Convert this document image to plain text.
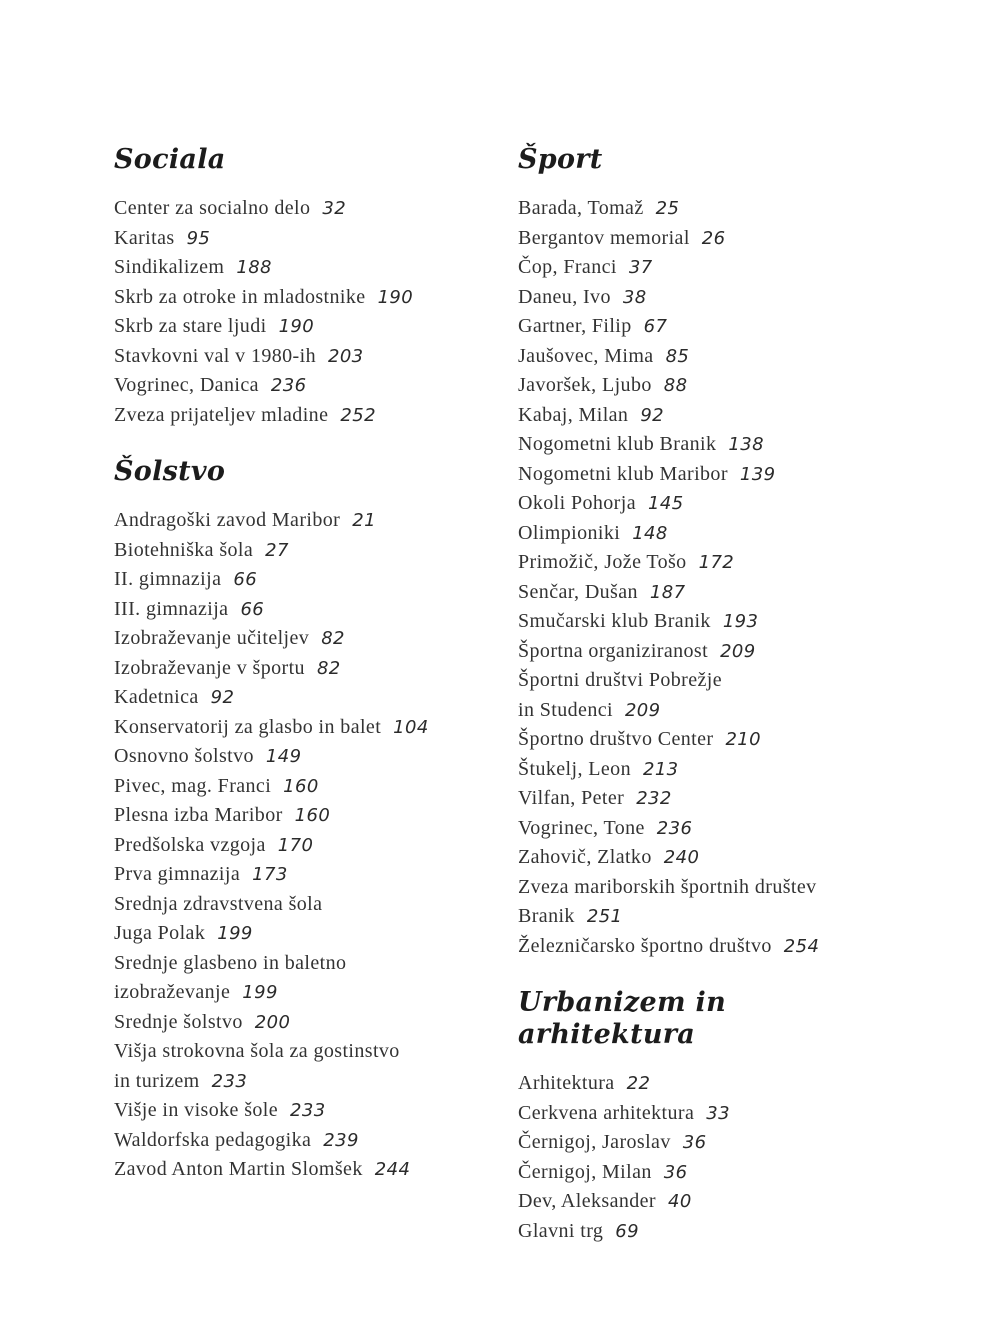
Sociala
Center za socialno delo 32
Karitas 95
Sindikalizem 188
Skrb za otroke in mladostnike 190
Skrb za stare ljudi 190
Stavkovni val v 1980-ih 203
Vogrinec, Danica 236
Zveza prijateljev mladine 252
Šolstvo
Andragoški zavod Maribor 21
Biotehniška šola 27
II. gimnazija 66
III. gimnazija 66
Izobraževanje učiteljev 82
Izobraževanje v športu 82
Kadetnica 92
Konservatorij za glasbo in balet 104
Osnovno šolstvo 149
Pivec, mag. Franci 160
Plesna izba Maribor 160
Predšolska vzgoja 170
Prva gimnazija 173
Srednja zdravstvena šola
Juga Polak 199
Srednje glasbeno in baletno
izobraževanje 199
Srednje šolstvo 200
Višja strokovna šola za gostinstvo
in turizem 233
Višje in visoke šole 233
Waldorfska pedagogika 239
Zavod Anton Martin Slomšek 244
Šport
Barada, Tomaž 25
Bergantov memorial 26
Čop, Franci 37
Daneu, Ivo 38
Gartner, Filip 67
Jaušovec, Mima 85
Javoršek, Ljubo 88
Kabaj, Milan 92
Nogometni klub Branik 138
Nogometni klub Maribor 139
Okoli Pohorja 145
Olimpioniki 148
Primožič, Jože Tošo 172
Senčar, Dušan 187
Smučarski klub Branik 193
Športna organiziranost 209
Športni društvi Pobrežje
in Studenci 209
Športno društvo Center 210
Štukelj, Leon 213
Vilfan, Peter 232
Vogrinec, Tone 236
Zahovič, Zlatko 240
Zveza mariborskih športnih društev
Branik 251
Železničarsko športno društvo 254
Urbanizem in arhitektura
Arhitektura 22
Cerkvena arhitektura 33
Černigoj, Jaroslav 36
Černigoj, Milan 36
Dev, Aleksander 40
Glavni trg 69
